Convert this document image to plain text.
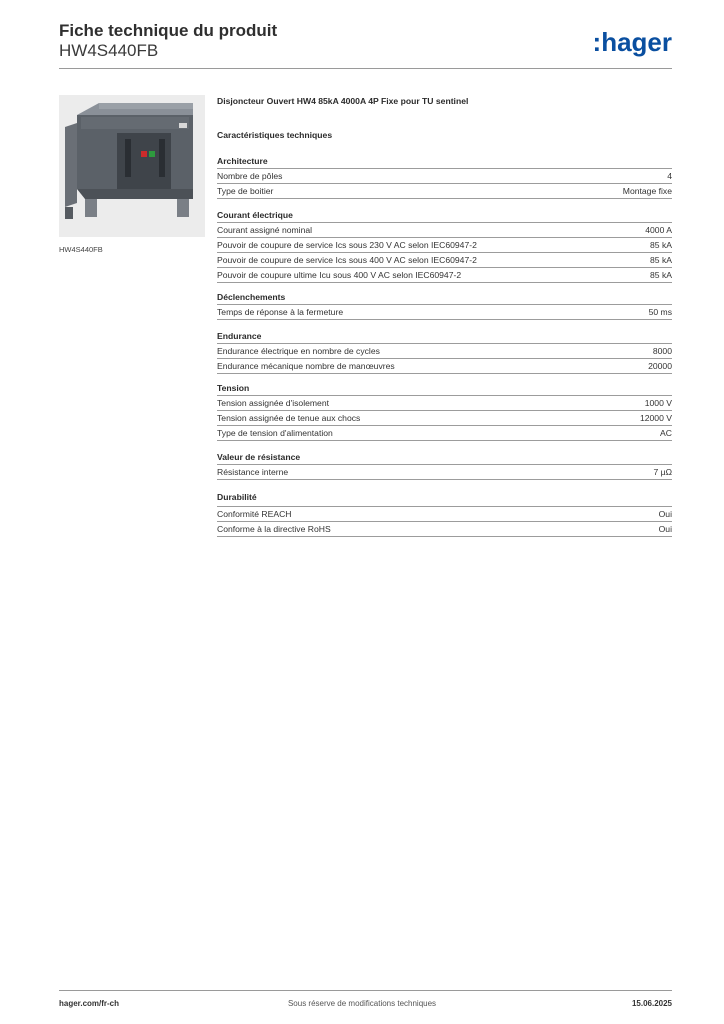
Fiche technique du produit
HW4S440FB	:hager
HW4S440FB
Disjoncteur Ouvert HW4 85kA 4000A 4P Fixe pour TU sentinel
Caractéristiques techniques
Architecture
Nombre de pôles	4
Type de boitier	Montage fixe
Courant électrique
Courant assigné nominal	4000 A
Pouvoir de coupure de service Ics sous 230 V AC selon IEC60947-2	85 kA
Pouvoir de coupure de service Ics sous 400 V AC selon IEC60947-2	85 kA
Pouvoir de coupure ultime Icu sous 400 V AC selon IEC60947-2	85 kA
Déclenchements
Temps de réponse à la fermeture	50 ms
Endurance
Endurance électrique en nombre de cycles	8000
Endurance mécanique nombre de manœuvres	20000
Tension
Tension assignée d'isolement	1000 V
Tension assignée de tenue aux chocs	12000 V
Type de tension d'alimentation	AC
Valeur de résistance
Résistance interne	7 µΩ
Durabilité
Conformité REACH	Oui
Conforme à la directive RoHS	Oui
hager.com/fr-ch	Sous réserve de modifications techniques	15.06.2025
